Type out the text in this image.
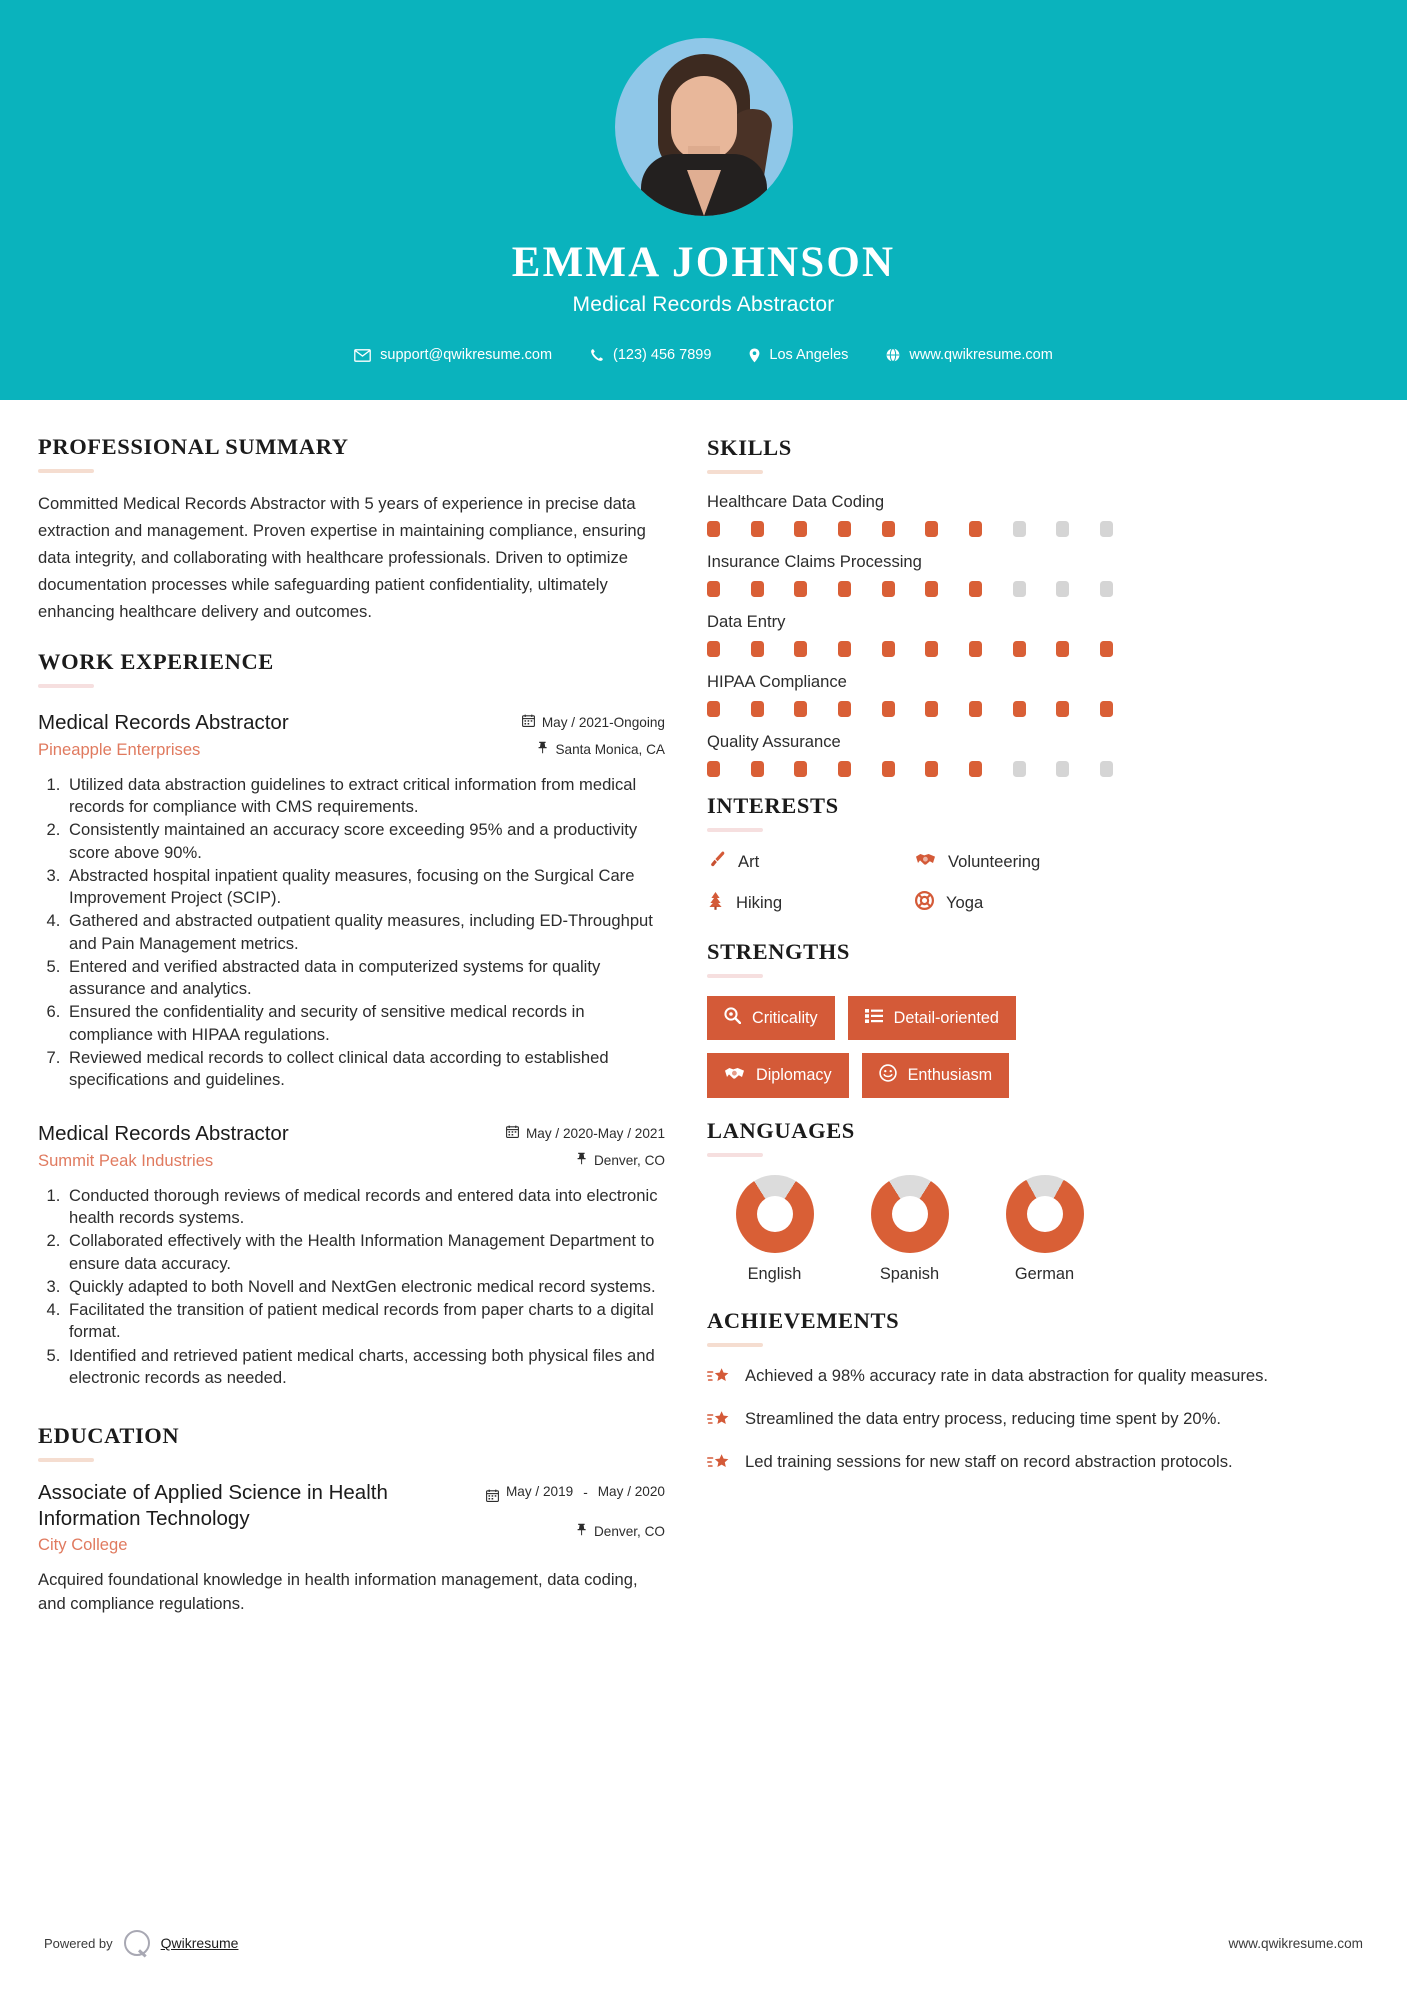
EMMA JOHNSON
Medical Records Abstractor
support@qwikresume.com	(123) 456 7899	Los Angeles	www.qwikresume.com
PROFESSIONAL SUMMARY
Committed Medical Records Abstractor with 5 years of experience in precise data extraction and management. Proven expertise in maintaining compliance, ensuring data integrity, and collaborating with healthcare professionals. Driven to optimize documentation processes while safeguarding patient confidentiality, ultimately enhancing healthcare delivery and outcomes.
WORK EXPERIENCE
Medical Records Abstractor
Pineapple Enterprises
May / 2021-Ongoing
Santa Monica, CA
1. Utilized data abstraction guidelines to extract critical information from medical records for compliance with CMS requirements.
2. Consistently maintained an accuracy score exceeding 95% and a productivity score above 90%.
3. Abstracted hospital inpatient quality measures, focusing on the Surgical Care Improvement Project (SCIP).
4. Gathered and abstracted outpatient quality measures, including ED-Throughput and Pain Management metrics.
5. Entered and verified abstracted data in computerized systems for quality assurance and analytics.
6. Ensured the confidentiality and security of sensitive medical records in compliance with HIPAA regulations.
7. Reviewed medical records to collect clinical data according to established specifications and guidelines.
Medical Records Abstractor
Summit Peak Industries
May / 2020-May / 2021
Denver, CO
1. Conducted thorough reviews of medical records and entered data into electronic health records systems.
2. Collaborated effectively with the Health Information Management Department to ensure data accuracy.
3. Quickly adapted to both Novell and NextGen electronic medical record systems.
4. Facilitated the transition of patient medical records from paper charts to a digital format.
5. Identified and retrieved patient medical charts, accessing both physical files and electronic records as needed.
EDUCATION
Associate of Applied Science in Health Information Technology
City College
May / 2019 - May / 2020
Denver, CO
Acquired foundational knowledge in health information management, data coding, and compliance regulations.
SKILLS
Healthcare Data Coding
Insurance Claims Processing
Data Entry
HIPAA Compliance
Quality Assurance
INTERESTS
Art	Volunteering
Hiking	Yoga
STRENGTHS
Criticality	Detail-oriented
Diplomacy	Enthusiasm
LANGUAGES
English	Spanish	German
ACHIEVEMENTS
Achieved a 98% accuracy rate in data abstraction for quality measures.
Streamlined the data entry process, reducing time spent by 20%.
Led training sessions for new staff on record abstraction protocols.
Powered by	Qwikresume	www.qwikresume.com
